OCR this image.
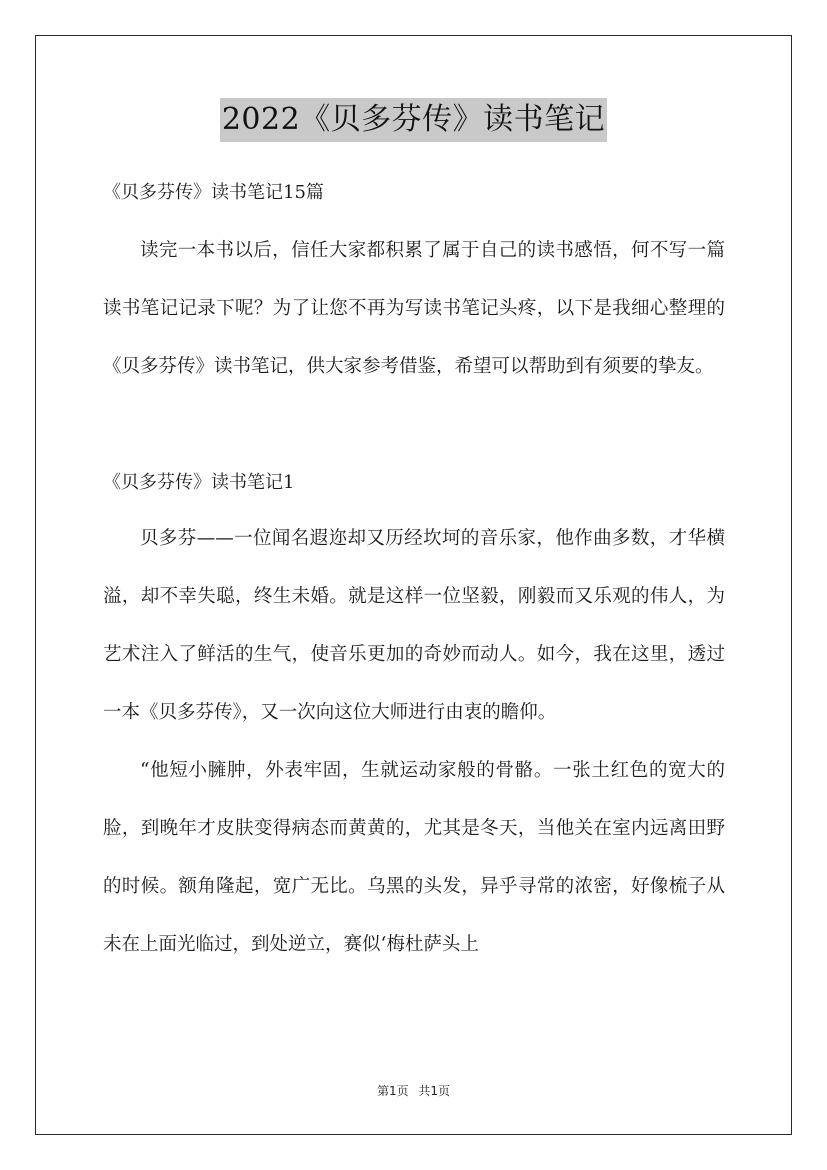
2022《贝多芬传》读书笔记

《贝多芬传》读书笔记15篇

读完一本书以后，信任大家都积累了属于自己的读书感悟，何不写一篇读书笔记记录下呢？为了让您不再为写读书笔记头疼，以下是我细心整理的《贝多芬传》读书笔记，供大家参考借鉴，希望可以帮助到有须要的挚友。

《贝多芬传》读书笔记1

贝多芬——一位闻名遐迩却又历经坎坷的音乐家，他作曲多数，才华横溢，却不幸失聪，终生未婚。就是这样一位坚毅，刚毅而又乐观的伟人，为艺术注入了鲜活的生气，使音乐更加的奇妙而动人。如今，我在这里，透过一本《贝多芬传》，又一次向这位大师进行由衷的瞻仰。

“他短小臃肿，外表牢固，生就运动家般的骨骼。一张土红色的宽大的脸，到晚年才皮肤变得病态而黄黄的，尤其是冬天，当他关在室内远离田野的时候。额角隆起，宽广无比。乌黑的头发，异乎寻常的浓密，好像梳子从未在上面光临过，到处逆立，赛似‘梅杜萨头上

第1页 共1页
